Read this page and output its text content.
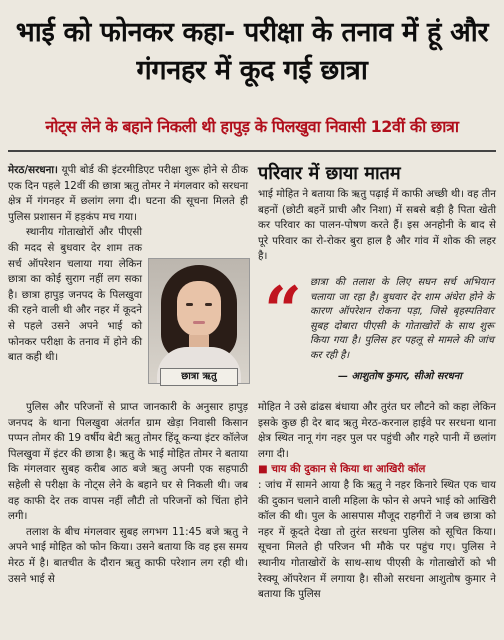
भाई को फोनकर कहा- परीक्षा के तनाव में हूं और गंगनहर में कूद गई छात्रा
नोट्स लेने के बहाने निकली थी हापुड़ के पिलखुवा निवासी 12वीं की छात्रा

मेरठ/सरधना। यूपी बोर्ड की इंटरमीडिएट परीक्षा शुरू होने से ठीक एक दिन पहले 12वीं की छात्रा ऋतु तोमर ने मंगलवार को सरधना क्षेत्र में गंगनहर में छलांग लगा दी। घटना की सूचना मिलते ही पुलिस प्रशासन में हड़कंप मच गया।

स्थानीय गोताखोरों और पीएसी की मदद से बुधवार देर शाम तक सर्च ऑपरेशन चलाया गया लेकिन छात्रा का कोई सुराग नहीं लग सका है। छात्रा हापुड़ जनपद के पिलखुवा की रहने वाली थी और नहर में कूदने से पहले उसने अपने भाई को फोनकर परीक्षा के तनाव में होने की बात कही थी।

छात्रा ऋतु

पुलिस और परिजनों से प्राप्त जानकारी के अनुसार हापुड़ जनपद के थाना पिलखुवा अंतर्गत ग्राम खेड़ा निवासी किसान पप्पन तोमर की 19 वर्षीय बेटी ऋतु तोमर हिंदू कन्या इंटर कॉलेज पिलखुवा में इंटर की छात्रा है। ऋतु के भाई मोहित तोमर ने बताया कि मंगलवार सुबह करीब आठ बजे ऋतु अपनी एक सहपाठी सहेली से परीक्षा के नोट्स लेने के बहाने घर से निकली थी। जब वह काफी देर तक वापस नहीं लौटी तो परिजनों को चिंता होने लगी।

तलाश के बीच मंगलवार सुबह लगभग 11:45 बजे ऋतु ने अपने भाई मोहित को फोन किया। उसने बताया कि वह इस समय मेरठ में है। बातचीत के दौरान ऋतु काफी परेशान लग रही थी। उसने भाई से

परिवार में छाया मातम

भाई मोहित ने बताया कि ऋतु पढ़ाई में काफी अच्छी थी। वह तीन बहनों (छोटी बहनें प्राची और निशा) में सबसे बड़ी है पिता खेती कर परिवार का पालन-पोषण करते हैं। इस अनहोनी के बाद से पूरे परिवार का रो-रोकर बुरा हाल है और गांव में शोक की लहर है।

“ छात्रा की तलाश के लिए सघन सर्च अभियान चलाया जा रहा है। बुधवार देर शाम अंधेरा होने के कारण ऑपरेशन रोकना पड़ा, जिसे बृहस्पतिवार सुबह दोबारा पीएसी के गोताखोरों के साथ शुरू किया गया है। पुलिस हर पहलू से मामले की जांच कर रही है।
— आशुतोष कुमार, सीओ सरधना

मोहित ने उसे ढांढस बंधाया और तुरंत घर लौटने को कहा लेकिन इसके कुछ ही देर बाद ऋतु मेरठ-करनाल हाईवे पर सरधना थाना क्षेत्र स्थित नानू गंग नहर पुल पर पहुंची और गहरे पानी में छलांग लगा दी।

■ चाय की दुकान से किया था आखिरी कॉल

: जांच में सामने आया है कि ऋतु ने नहर किनारे स्थित एक चाय की दुकान चलाने वाली महिला के फोन से अपने भाई को आखिरी कॉल की थी। पुल के आसपास मौजूद राहगीरों ने जब छात्रा को नहर में कूदते देखा तो तुरंत सरधना पुलिस को सूचित किया। सूचना मिलते ही परिजन भी मौके पर पहुंच गए। पुलिस ने स्थानीय गोताखोरों के साथ-साथ पीएसी के गोताखोरों को भी रेस्क्यू ऑपरेशन में लगाया है। सीओ सरधना आशुतोष कुमार ने बताया कि पुलिस
